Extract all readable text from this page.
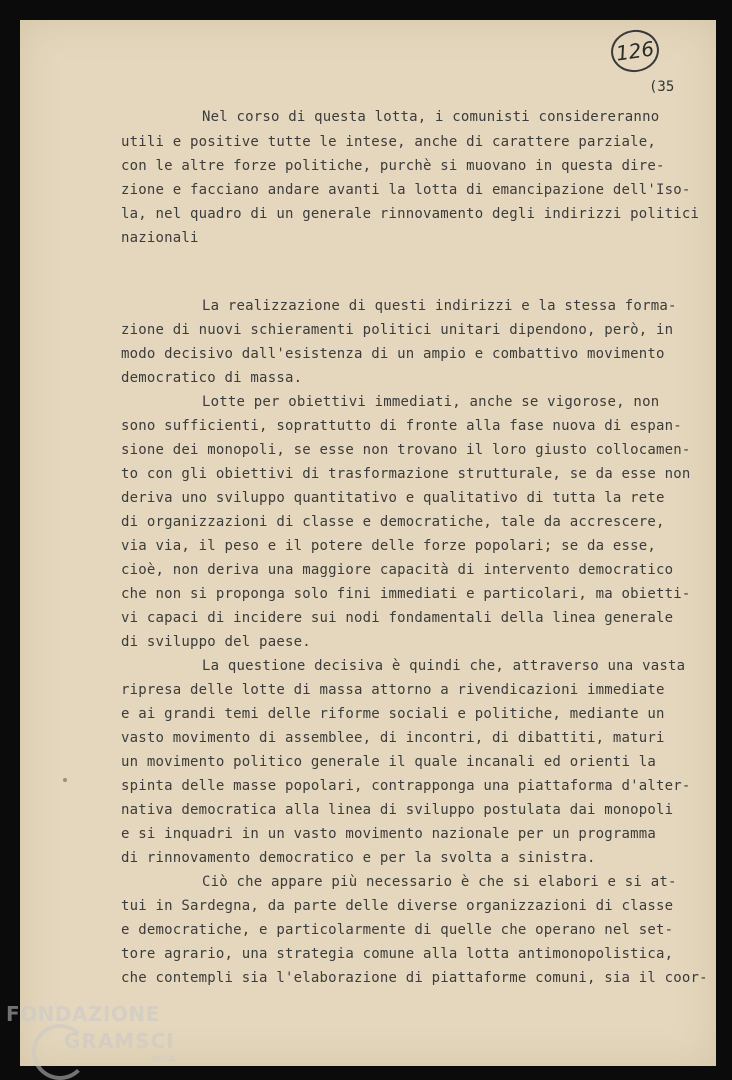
126
(35
Nel corso di questa lotta, i comunisti considereranno
utili e positive tutte le intese, anche di carattere parziale,
con le altre forze politiche, purchè si muovano in questa dire-
zione e facciano andare avanti la lotta di emancipazione dell'Iso-
la, nel quadro di un generale rinnovamento degli indirizzi politici
nazionali
La realizzazione di questi indirizzi e la stessa forma-
zione di nuovi schieramenti politici unitari dipendono, però, in
modo decisivo dall'esistenza di un ampio e combattivo movimento
democratico di massa.
Lotte per obiettivi immediati, anche se vigorose, non
sono sufficienti, soprattutto di fronte alla fase nuova di espan-
sione dei monopoli, se esse non trovano il loro giusto collocamen-
to con gli obiettivi di trasformazione strutturale, se da esse non
deriva uno sviluppo quantitativo e qualitativo di tutta la rete
di organizzazioni di classe e democratiche, tale da accrescere,
via via, il peso e il potere delle forze popolari; se da esse,
cioè, non deriva una maggiore capacità di intervento democratico
che non si proponga solo fini immediati e particolari, ma obietti-
vi capaci di incidere sui nodi fondamentali della linea generale
di sviluppo del paese.
La questione decisiva è quindi che, attraverso una vasta
ripresa delle lotte di massa attorno a rivendicazioni immediate
e ai grandi temi delle riforme sociali e politiche, mediante un
vasto movimento di assemblee, di incontri, di dibattiti, maturi
un movimento politico generale il quale incanali ed orienti la
spinta delle masse popolari, contrapponga una piattaforma d'alter-
nativa democratica alla linea di sviluppo postulata dai monopoli
e si inquadri in un vasto movimento nazionale per un programma
di rinnovamento democratico e per la svolta a sinistra.
Ciò che appare più necessario è che si elabori e si at-
tui in Sardegna, da parte delle diverse organizzazioni di classe
e democratiche, e particolarmente di quelle che operano nel set-
tore agrario, una strategia comune alla lotta antimonopolistica,
che contempli sia l'elaborazione di piattaforme comuni, sia il coor-
FONDAZIONE
GRAMSCI
onlus
